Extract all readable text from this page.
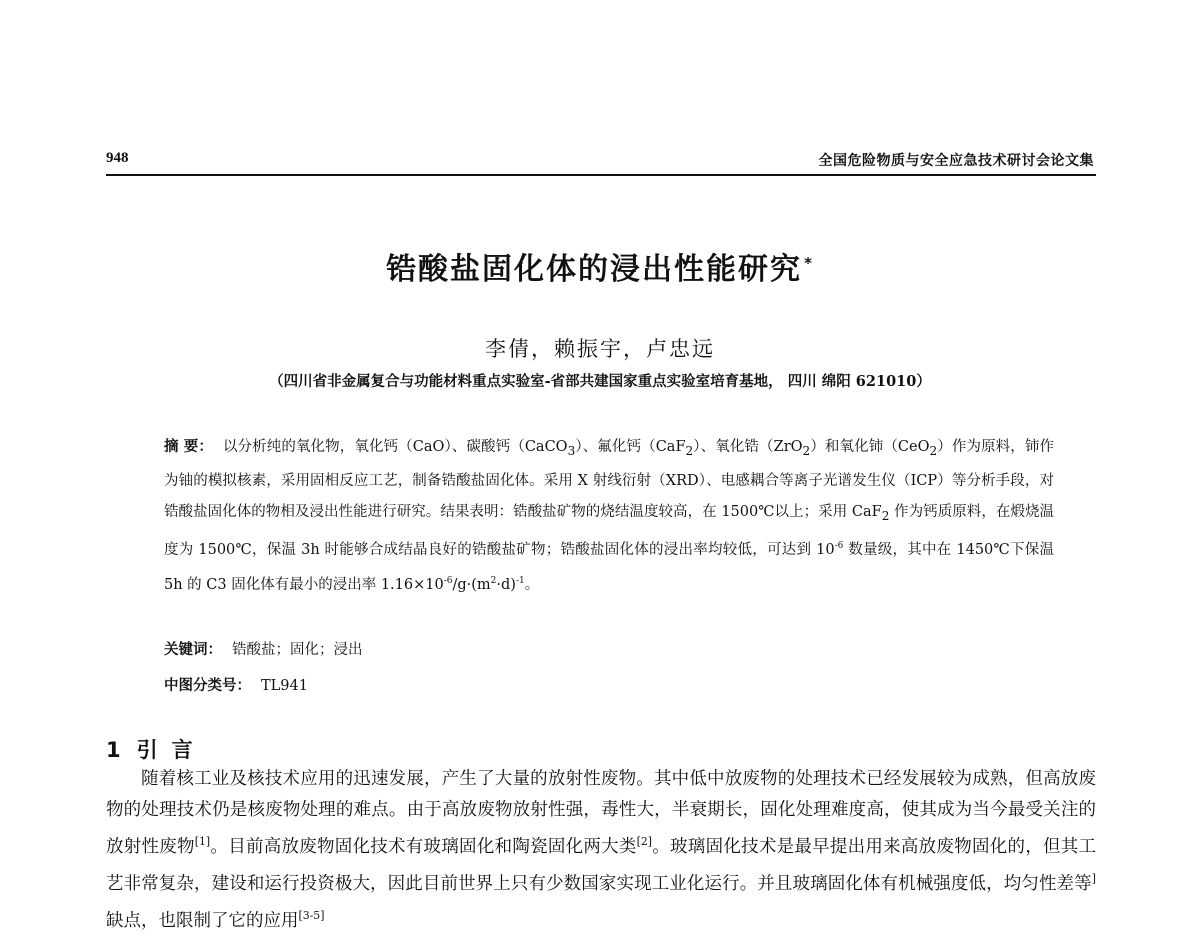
948	全国危险物质与安全应急技术研讨会论文集
锆酸盐固化体的浸出性能研究 *
李倩，赖振宇，卢忠远
（四川省非金属复合与功能材料重点实验室-省部共建国家重点实验室培育基地， 四川 绵阳 621010）
摘 要： 以分析纯的氧化物，氧化钙（CaO）、碳酸钙（CaCO$_3$）、氟化钙（CaF$_2$）、氧化锆（ZrO$_2$）和氧化铈（CeO$_2$）作为原料，铈作为铀的模拟核素，采用固相反应工艺，制备锆酸盐固化体。采用 X 射线衍射（XRD）、电感耦合等离子光谱发生仪（ICP）等分析手段，对锆酸盐固化体的物相及浸出性能进行研究。结果表明：锆酸盐矿物的烧结温度较高，在 1500℃以上；采用 CaF$_2$ 作为钙质原料，在煅烧温度为 1500℃，保温 3h 时能够合成结晶良好的锆酸盐矿物；锆酸盐固化体的浸出率均较低，可达到 $10^{-6}$ 数量级，其中在 1450℃下保温 5h 的 C3 固化体有最小的浸出率 $1.16\times 10^{-6}/g\cdot(m^2\cdot d)^{-1}$。
关键词： 锆酸盐；固化；浸出
中图分类号： TL941
1 引言
随着核工业及核技术应用的迅速发展，产生了大量的放射性废物。其中低中放废物的处理技术已经发展较为成熟，但高放废物的处理技术仍是核废物处理的难点。由于高放废物放射性强，毒性大，半衰期长，固化处理难度高，使其成为当今最受关注的放射性废物[1]。目前高放废物固化技术有玻璃固化和陶瓷固化两大类[2]。玻璃固化技术是最早提出用来高放废物固化的，但其工艺非常复杂，建设和运行投资极大，因此目前世界上只有少数国家实现工业化运行。并且玻璃固化体有机械强度低，均匀性差等]缺点，也限制了它的应用[3-5]
